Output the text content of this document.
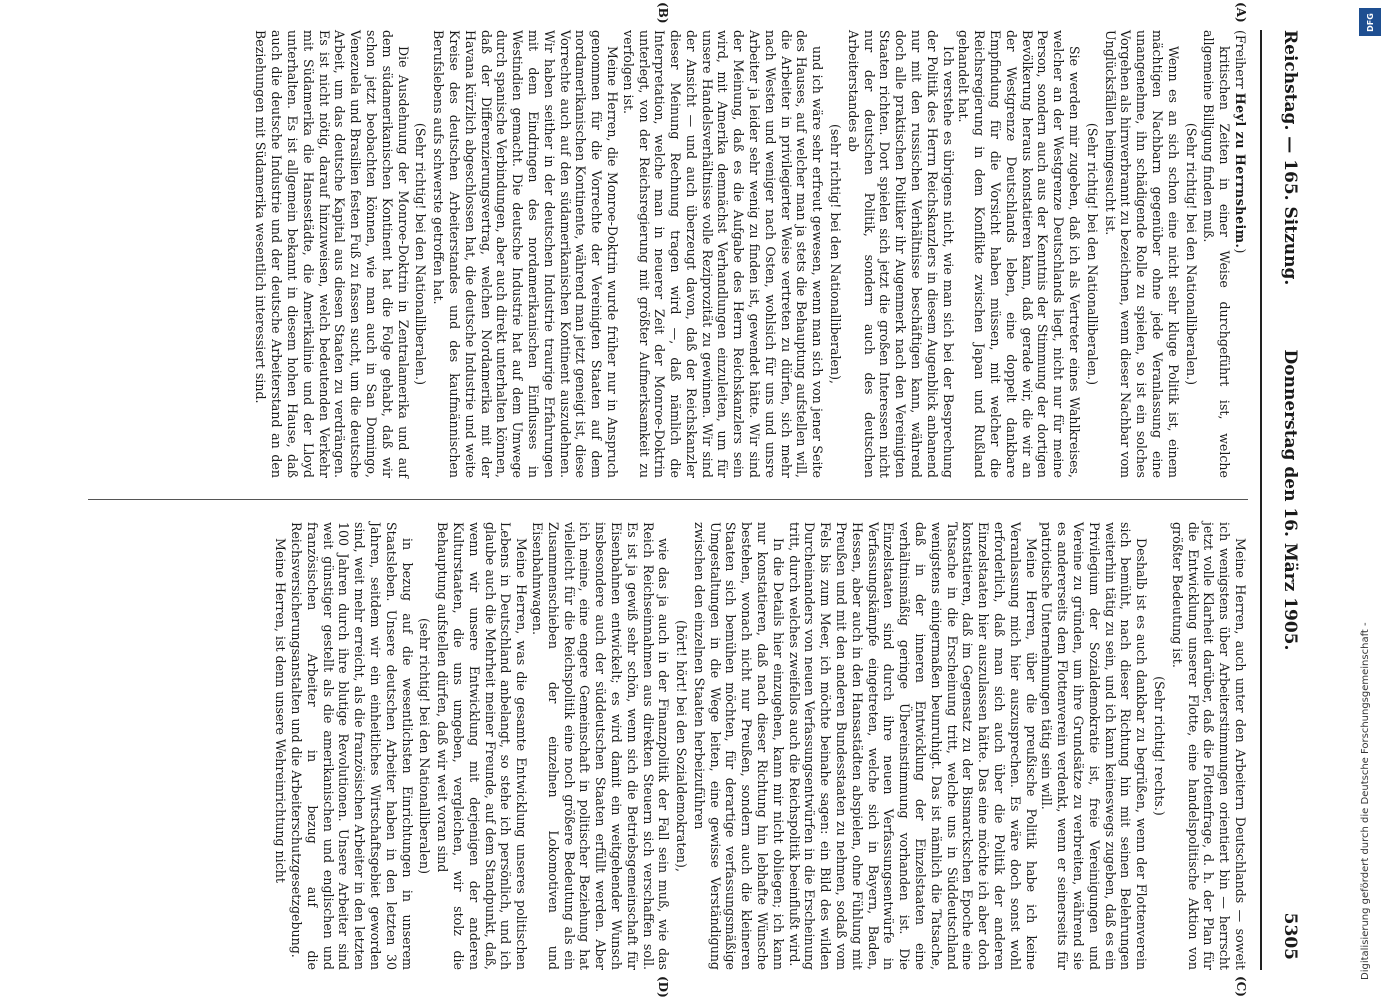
Reichstag. — 165. Sitzung.
Donnerstag den 16. März 1905.
5305

(Freiherr Heyl zu Herrnsheim.)

kritischen Zeiten in einer Weise durchgeführt ist, welche allgemeine Billigung finden muß.

(Sehr richtig! bei den Nationalliberalen.)

Wenn es an sich schon eine nicht sehr kluge Politik ist, einem mächtigen Nachbarn gegenüber ohne jede Veranlassung eine unangenehme, ihn schädigende Rolle zu spielen, so ist ein solches Vorgehen als hirnverbrannt zu bezeichnen, wenn dieser Nachbar vom Unglücksfällen heimgesucht ist.

(Sehr richtig! bei den Nationalliberalen.)

Sie werden mir zugeben, daß ich als Vertreter eines Wahlkreises, welcher an der Westgrenze Deutschlands liegt, nicht nur für meine Person, sondern auch aus der Kenntnis der Stimmung der dortigen Bevölkerung heraus konstatieren kann, daß gerade wir, die wir an der Westgrenze Deutschlands leben, eine doppelt dankbare Empfindung für die Vorsicht haben müssen, mit welcher die Reichsregierung in dem Konflikte zwischen Japan und Rußland gehandelt hat.

Ich verstehe es übrigens nicht, wie man sich bei der Besprechung der Politik des Herrn Reichskanzlers in diesem Augenblick anbanend nur mit den russischen Verhältnisse beschäftigen kann, während doch alle praktischen Politiker ihr Augenmerk nach den Vereinigten Staaten richten. Dort spielen sich jetzt die großen Interessen nicht nur der deutschen Politik, sondern auch des deutschen Arbeiterstandes ab

(sehr richtig! bei den Nationalliberalen),

und ich wäre sehr erfreut gewesen, wenn man sich von jener Seite des Hauses, auf welcher man ja stets die Behauptung aufstellen will, die Arbeiter in privilegierter Weise vertreten zu dürfen, sich mehr nach Westen und weniger nach Osten, wohlsich für uns und unsre Arbeiter ja leider sehr wenig zu finden ist, gewendet hätte. Wir sind der Meinung, daß es die Aufgabe des Herrn Reichskanzlers sein wird, mit Amerika demnächst Verhandlungen einzuleiten, um für unsere Handelsverhältnisse volle Reziprozität zu gewinnen. Wir sind der Ansicht — und auch überzeugt davon, daß der Reichskanzler dieser Meinung Rechnung tragen wird —, daß nämlich die Interpretation, welche man in neuerer Zeit der Monroe-Doktrin unterlegt, von der Reichsregierung mit größter Aufmerksamkeit zu verfolgen ist.

Meine Herren, die Monroe-Doktrin wurde früher nur in Anspruch genommen für die Vorrechte der Vereinigten Staaten auf dem nordamerikanischen Kontinente, während man jetzt geneigt ist, diese Vorrechte auch auf den südamerikanischen Kontinent auszudehnen. Wir haben seither in der deutschen Industrie traurige Erfahrungen mit dem Eindringen des nordamerikanischen Einflusses in Westindien gemacht. Die deutsche Industrie hat auf dem Umwege durch spanische Verbindungen, aber auch direkt unterhalten können, daß der Differenzierungsvertrag, welchen Nordamerika mit der Havana kürzlich abgeschlossen hat, die deutsche Industrie und weite Kreise des deutschen Arbeiterstandes und des kaufmännischen Berufslebens aufs schwerste getroffen hat.

(Sehr richtig! bei den Nationalliberalen.)

Die Ausdehnung der Monroe-Doktrin in Zentralamerika und auf dem südamerikanischen Kontinent hat die Folge gehabt, daß wir schon jetzt beobachten können, wie man auch in San Domingo, Venezuela und Brasilien festen Fuß zu fassen sucht, um die deutsche Arbeit, um das deutsche Kapital aus diesen Staaten zu verdrängen. Es ist nicht nötig, darauf hinzuweisen, welch bedeutenden Verkehr mit Südamerika die Hansestädte, die Amerikalinie und der Lloyd unterhalten. Es ist allgemein bekannt in diesem hohen Hause, daß auch die deutsche Industrie und der deutsche Arbeiterstand an den Beziehungen mit Südamerika wesentlich interessiert sind.

Meine Herren, auch unter den Arbeitern Deutschlands — soweit ich wenigstens über Arbeiterstimmungen orientiert bin — herrscht jetzt volle Klarheit darüber, daß die Flottenfrage, d. h. der Plan für die Entwicklung unserer Flotte, eine handelspolitische Aktion von größter Bedeutung ist.

(Sehr richtig! rechts.)

Deshalb ist es auch dankbar zu begrüßen, wenn der Flottenverein sich bemüht, nach dieser Richtung hin mit seinen Belehrungen weiterhin tätig zu sein, und ich kann keineswegs zugeben, daß es ein Privilegium der Sozialdemokratie ist, freie Vereinigungen und Vereine zu gründen, um ihre Grundsätze zu verbreiten, während sie es andererseits dem Flottenverein verdenkt, wenn er seinerseits für patriotische Unternehmungen tätig sein will.

Meine Herren, über die preußische Politik habe ich keine Veranlassung mich hier auszusprechen. Es wäre doch sonst wohl erforderlich, daß man sich auch über die Politik der anderen Einzelstaaten hier auszulassen hätte. Das eine möchte ich aber doch konstatieren, daß im Gegensatz zu der Bismarckschen Epoche eine Tatsache in die Erscheinung tritt, welche uns in Süddeutschland wenigstens einigermaßen beunruhigt. Das ist nämlich die Tatsache, daß in der inneren Entwicklung der Einzelstaaten eine verhältnismäßig geringe Übereinstimmung vorhanden ist. Die Einzelstaaten sind durch ihre neuen Verfassungsentwürfe in Verfassungskämpfe eingetreten, welche sich in Bayern, Baden, Hessen, aber auch in den Hansastädten abspielen, ohne Fühlung mit Preußen und mit den anderen Bundesstaaten zu nehmen, sodaß vom Fels bis zum Meer, ich möchte beinahe sagen: ein Bild des wilden Durcheinanders von neuen Verfassungsentwürfen in die Erscheinung tritt, durch welches zweifellos auch die Reichspolitik beeinflußt wird.

In die Details hier einzugehen, kann mir nicht obliegen; ich kann nur konstatieren, daß nach dieser Richtung hin lebhafte Wünsche bestehen, wonach nicht nur Preußen, sondern auch die kleineren Staaten sich bemühen möchten, für derartige verfassungsmäßige Umgestaltungen in die Wege leiten, eine gewisse Verständigung zwischen den einzelnen Staaten herbeizuführen

(hört! hört! bei den Sozialdemokraten),

wie das ja auch in der Finanzpolitik der Fall sein muß, wie das Reich Reichseinnahmen aus direkten Steuern sich verschaffen soll. Es ist ja gewiß sehr schön, wenn sich die Betriebsgemeinschaft für Eisenbahnen entwickelt; es wird damit ein weitgehender Wunsch insbesondere auch der süddeutschen Staaten erfüllt werden. Aber ich meine, eine engere Gemeinschaft in politischer Beziehung hat vielleicht für die Reichspolitik eine noch größere Bedeutung als ein Zusammenschieben der einzelnen Lokomotiven und Eisenbahnwagen.

Meine Herren, was die gesamte Entwicklung unseres politischen Lebens in Deutschland anbelangt, so stehe ich persönlich, und ich glaube auch die Mehrheit meiner Freunde, auf dem Standpunkt, daß, wenn wir unsere Entwicklung mit derjenigen der anderen Kulturstaaten, die uns umgeben, vergleichen, wir stolz die Behauptung aufstellen dürfen, daß wir weit voran sind

(sehr richtig! bei den Nationalliberalen)

in bezug auf die wesentlichsten Einrichtungen in unserem Staatsleben. Unsere deutschen Arbeiter haben in den letzten 30 Jahren, seitdem wir ein einheitliches Wirtschaftsgebiet geworden sind, weit mehr erreicht, als die französischen Arbeiter in den letzten 100 Jahren durch ihre blutige Revolutionen. Unsere Arbeiter sind weit günstiger gestellt als die amerikanischen und englischen und französischen Arbeiter in bezug auf die Reichsversicherungsanstalten und die Arbeiterschutzgesetzgebung.

Meine Herren, ist denn unsere Wehreinrichtung nicht

(A)
(B)
(C)
(D)
Digitalisierung gefördert durch die Deutsche Forschungsgemeinschaft -
DFG
